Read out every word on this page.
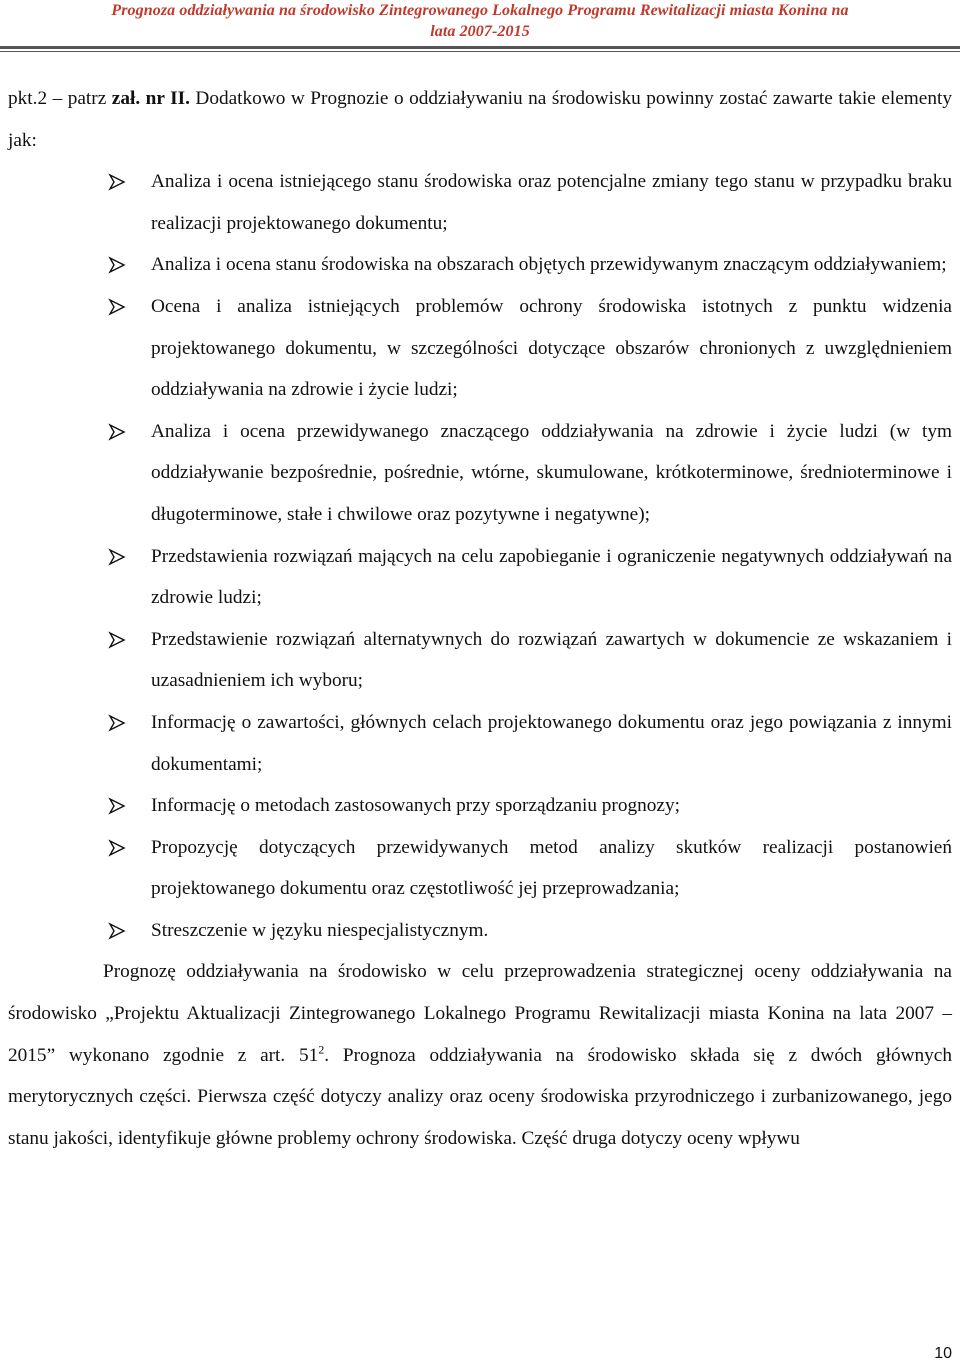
Prognoza oddziaływania na środowisko Zintegrowanego Lokalnego Programu Rewitalizacji miasta Konina na
lata 2007-2015

pkt.2 – patrz zał. nr II. Dodatkowo w Prognozie o oddziaływaniu na środowisku powinny zostać zawarte takie elementy jak:

Analiza i ocena istniejącego stanu środowiska oraz potencjalne zmiany tego stanu w przypadku braku realizacji projektowanego dokumentu;
Analiza i ocena stanu środowiska na obszarach objętych przewidywanym znaczącym oddziaływaniem;
Ocena i analiza istniejących problemów ochrony środowiska istotnych z punktu widzenia projektowanego dokumentu, w szczególności dotyczące obszarów chronionych z uwzględnieniem oddziaływania na zdrowie i życie ludzi;
Analiza i ocena przewidywanego znaczącego oddziaływania na zdrowie i życie ludzi (w tym oddziaływanie bezpośrednie, pośrednie, wtórne, skumulowane, krótkoterminowe, średnioterminowe i długoterminowe, stałe i chwilowe oraz pozytywne i negatywne);
Przedstawienia rozwiązań mających na celu zapobieganie i ograniczenie negatywnych oddziaływań na zdrowie ludzi;
Przedstawienie rozwiązań alternatywnych do rozwiązań zawartych w dokumencie ze wskazaniem i uzasadnieniem ich wyboru;
Informację o zawartości, głównych celach projektowanego dokumentu oraz jego powiązania z innymi dokumentami;
Informację o metodach zastosowanych przy sporządzaniu prognozy;
Propozycję dotyczących przewidywanych metod analizy skutków realizacji postanowień projektowanego dokumentu oraz częstotliwość jej przeprowadzania;
Streszczenie w języku niespecjalistycznym.

Prognozę oddziaływania na środowisko w celu przeprowadzenia strategicznej oceny oddziaływania na środowisko „Projektu Aktualizacji Zintegrowanego Lokalnego Programu Rewitalizacji miasta Konina na lata 2007 – 2015” wykonano zgodnie z art. $51^2$. Prognoza oddziaływania na środowisko składa się z dwóch głównych merytorycznych części. Pierwsza część dotyczy analizy oraz oceny środowiska przyrodniczego i zurbanizowanego, jego stanu jakości, identyfikuje główne problemy ochrony środowiska. Część druga dotyczy oceny wpływu

10
